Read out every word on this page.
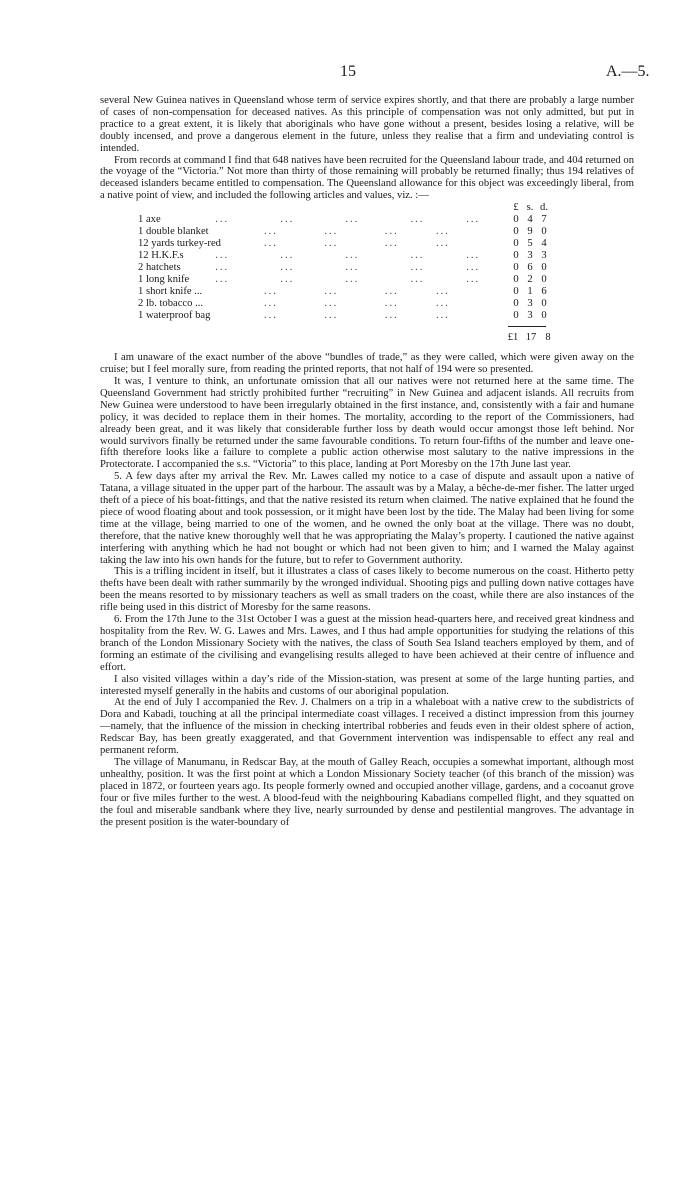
15	A.—5.

several New Guinea natives in Queensland whose term of service expires shortly, and that there are probably a large number of cases of non-compensation for deceased natives. As this principle of compensation was not only admitted, but put in practice to a great extent, it is likely that aboriginals who have gone without a present, besides losing a relative, will be doubly incensed, and prove a dangerous element in the future, unless they realise that a firm and undeviating control is intended.

From records at command I find that 648 natives have been recruited for the Queensland labour trade, and 404 returned on the voyage of the “Victoria.” Not more than thirty of those remaining will probably be returned finally; thus 194 relatives of deceased islanders became entitled to compensation. The Queensland allowance for this object was exceedingly liberal, from a native point of view, and included the following articles and values, viz. :—

£ s. d.
1 axe	...           ...           ...           ...         ...	0 4 7
1 double blanket	...          ...          ...        ...	0 9 0
12 yards turkey-red	...          ...          ...        ...	0 5 4
12 H.K.F.s ...           ...           ...           ...         ...	0 3 3
2 hatchets ...           ...           ...           ...         ...	0 6 0
1 long knife ...           ...           ...           ...         ...	0 2 0
1 short knife ...	...          ...          ...        ...	0 1 6
2 lb. tobacco ...	...          ...          ...        ...	0 3 0
1 waterproof bag	...          ...          ...        ...	0 3 0
£1 17 8

I am unaware of the exact number of the above “bundles of trade,” as they were called, which were given away on the cruise; but I feel morally sure, from reading the printed reports, that not half of 194 were so presented.

It was, I venture to think, an unfortunate omission that all our natives were not returned here at the same time. The Queensland Government had strictly prohibited further “recruiting” in New Guinea and adjacent islands. All recruits from New Guinea were understood to have been irregularly obtained in the first instance, and, consistently with a fair and humane policy, it was decided to replace them in their homes. The mortality, according to the report of the Commissioners, had already been great, and it was likely that considerable further loss by death would occur amongst those left behind. Nor would survivors finally be returned under the same favourable conditions. To return four-fifths of the number and leave one-fifth therefore looks like a failure to complete a public action otherwise most salutary to the native impressions in the Protectorate. I accompanied the s.s. “Victoria” to this place, landing at Port Moresby on the 17th June last year.

5. A few days after my arrival the Rev. Mr. Lawes called my notice to a case of dispute and assault upon a native of Tatana, a village situated in the upper part of the harbour. The assault was by a Malay, a bêche-de-mer fisher. The latter urged theft of a piece of his boat-fittings, and that the native resisted its return when claimed. The native explained that he found the piece of wood floating about and took possession, or it might have been lost by the tide. The Malay had been living for some time at the village, being married to one of the women, and he owned the only boat at the village. There was no doubt, therefore, that the native knew thoroughly well that he was appropriating the Malay’s property. I cautioned the native against interfering with anything which he had not bought or which had not been given to him; and I warned the Malay against taking the law into his own hands for the future, but to refer to Government authority.

This is a trifling incident in itself, but it illustrates a class of cases likely to become numerous on the coast. Hitherto petty thefts have been dealt with rather summarily by the wronged individual. Shooting pigs and pulling down native cottages have been the means resorted to by missionary teachers as well as small traders on the coast, while there are also instances of the rifle being used in this district of Moresby for the same reasons.

6. From the 17th June to the 31st October I was a guest at the mission head-quarters here, and received great kindness and hospitality from the Rev. W. G. Lawes and Mrs. Lawes, and I thus had ample opportunities for studying the relations of this branch of the London Missionary Society with the natives, the class of South Sea Island teachers employed by them, and of forming an estimate of the civilising and evangelising results alleged to have been achieved at their centre of influence and effort.

I also visited villages within a day’s ride of the Mission-station, was present at some of the large hunting parties, and interested myself generally in the habits and customs of our aboriginal population.

At the end of July I accompanied the Rev. J. Chalmers on a trip in a whaleboat with a native crew to the subdistricts of Dora and Kabadi, touching at all the principal intermediate coast villages. I received a distinct impression from this journey—namely, that the influence of the mission in checking intertribal robberies and feuds even in their oldest sphere of action, Redscar Bay, has been greatly exaggerated, and that Government intervention was indispensable to effect any real and permanent reform.

The village of Manumanu, in Redscar Bay, at the mouth of Galley Reach, occupies a somewhat important, although most unhealthy, position. It was the first point at which a London Missionary Society teacher (of this branch of the mission) was placed in 1872, or fourteen years ago. Its people formerly owned and occupied another village, gardens, and a cocoanut grove four or five miles further to the west. A blood-feud with the neighbouring Kabadians compelled flight, and they squatted on the foul and miserable sandbank where they live, nearly surrounded by dense and pestilential mangroves. The advantage in the present position is the water-boundary of
